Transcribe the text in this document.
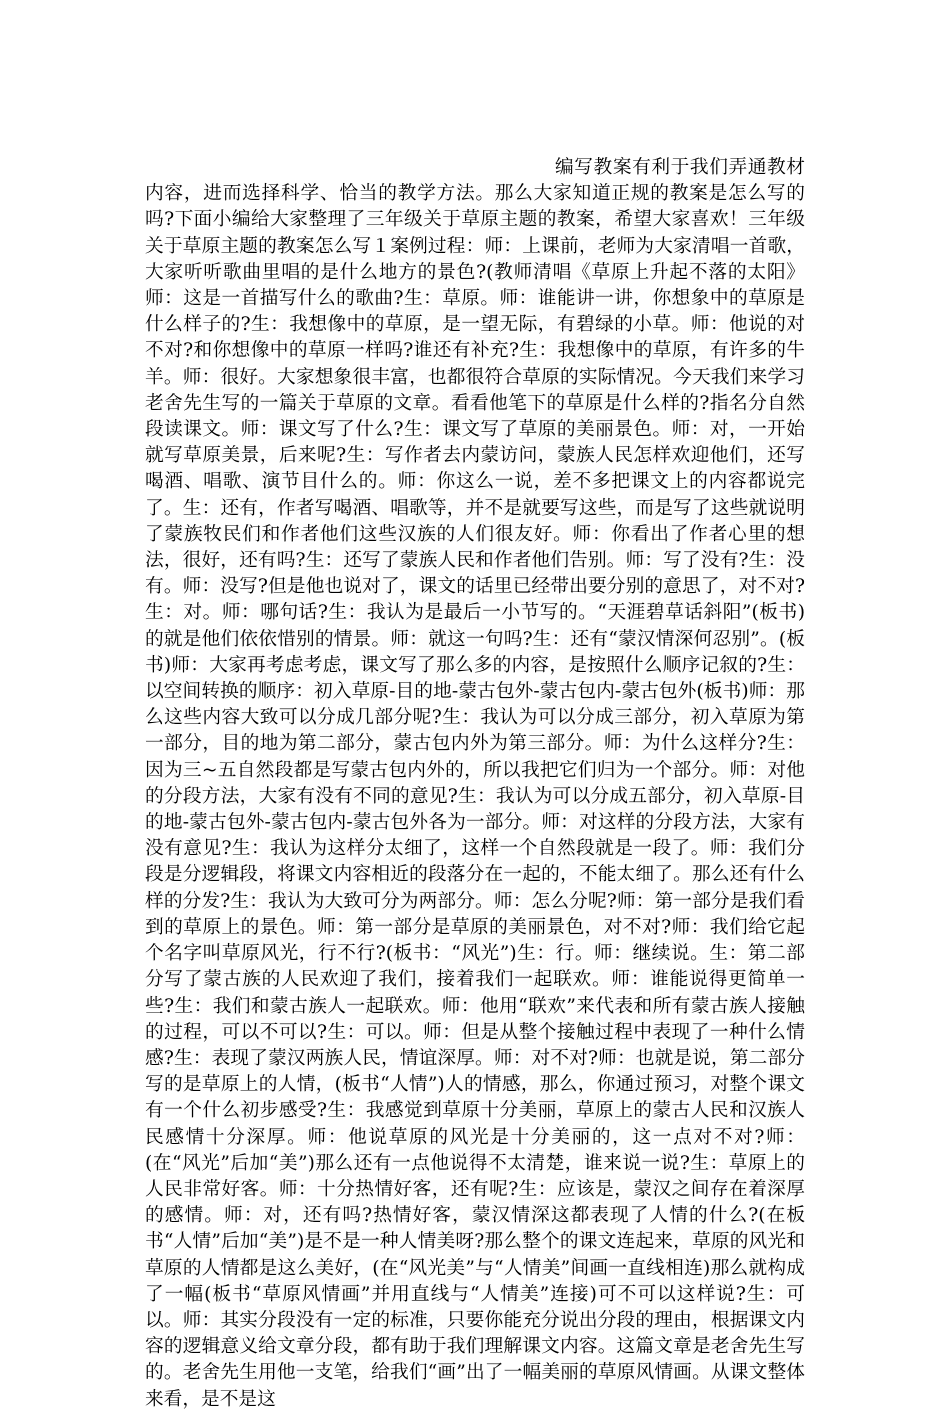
编写教案有利于我们弄通教材内容，进而选择科学、恰当的教学方法。那么大家知道正规的教案是怎么写的吗?下面小编给大家整理了三年级关于草原主题的教案，希望大家喜欢！三年级关于草原主题的教案怎么写１案例过程：师：上课前，老师为大家清唱一首歌，大家听听歌曲里唱的是什么地方的景色?(教师清唱《草原上升起不落的太阳》师：这是一首描写什么的歌曲?生：草原。师：谁能讲一讲，你想象中的草原是什么样子的?生：我想像中的草原，是一望无际，有碧绿的小草。师：他说的对不对?和你想像中的草原一样吗?谁还有补充?生：我想像中的草原，有许多的牛羊。师：很好。大家想象很丰富，也都很符合草原的实际情况。今天我们来学习老舍先生写的一篇关于草原的文章。看看他笔下的草原是什么样的?指名分自然段读课文。师：课文写了什么?生：课文写了草原的美丽景色。师：对，一开始就写草原美景，后来呢?生：写作者去内蒙访问，蒙族人民怎样欢迎他们，还写喝酒、唱歌、演节目什么的。师：你这么一说，差不多把课文上的内容都说完了。生：还有，作者写喝酒、唱歌等，并不是就要写这些，而是写了这些就说明了蒙族牧民们和作者他们这些汉族的人们很友好。师：你看出了作者心里的想法，很好，还有吗?生：还写了蒙族人民和作者他们告别。师：写了没有?生：没有。师：没写?但是他也说对了，课文的话里已经带出要分别的意思了，对不对?生：对。师：哪句话?生：我认为是最后一小节写的。“天涯碧草话斜阳”(板书)的就是他们依依惜别的情景。师：就这一句吗?生：还有“蒙汉情深何忍别”。(板书)师：大家再考虑考虑，课文写了那么多的内容，是按照什么顺序记叙的?生：以空间转换的顺序：初入草原-目的地-蒙古包外-蒙古包内-蒙古包外(板书)师：那么这些内容大致可以分成几部分呢?生：我认为可以分成三部分，初入草原为第一部分，目的地为第二部分，蒙古包内外为第三部分。师：为什么这样分?生：因为三~五自然段都是写蒙古包内外的，所以我把它们归为一个部分。师：对他的分段方法，大家有没有不同的意见?生：我认为可以分成五部分，初入草原-目的地-蒙古包外-蒙古包内-蒙古包外各为一部分。师：对这样的分段方法，大家有没有意见?生：我认为这样分太细了，这样一个自然段就是一段了。师：我们分段是分逻辑段，将课文内容相近的段落分在一起的，不能太细了。那么还有什么样的分发?生：我认为大致可分为两部分。师：怎么分呢?师：第一部分是我们看到的草原上的景色。师：第一部分是草原的美丽景色，对不对?师：我们给它起个名字叫草原风光，行不行?(板书：“风光”)生：行。师：继续说。生：第二部分写了蒙古族的人民欢迎了我们，接着我们一起联欢。师：谁能说得更简单一些?生：我们和蒙古族人一起联欢。师：他用“联欢”来代表和所有蒙古族人接触的过程，可以不可以?生：可以。师：但是从整个接触过程中表现了一种什么情感?生：表现了蒙汉两族人民，情谊深厚。师：对不对?师：也就是说，第二部分写的是草原上的人情，(板书“人情”)人的情感，那么，你通过预习，对整个课文有一个什么初步感受?生：我感觉到草原十分美丽，草原上的蒙古人民和汉族人民感情十分深厚。师：他说草原的风光是十分美丽的，这一点对不对?师：(在“风光”后加“美”)那么还有一点他说得不太清楚，谁来说一说?生：草原上的人民非常好客。师：十分热情好客，还有呢?生：应该是，蒙汉之间存在着深厚的感情。师：对，还有吗?热情好客，蒙汉情深这都表现了人情的什么?(在板书“人情”后加“美”)是不是一种人情美呀?那么整个的课文连起来，草原的风光和草原的人情都是这么美好，(在“风光美”与“人情美”间画一直线相连)那么就构成了一幅(板书“草原风情画”并用直线与“人情美”连接)可不可以这样说?生：可以。师：其实分段没有一定的标准，只要你能充分说出分段的理由，根据课文内容的逻辑意义给文章分段，都有助于我们理解课文内容。这篇文章是老舍先生写的。老舍先生用他一支笔，给我们“画”出了一幅美丽的草原风情画。从课文整体来看，是不是这
